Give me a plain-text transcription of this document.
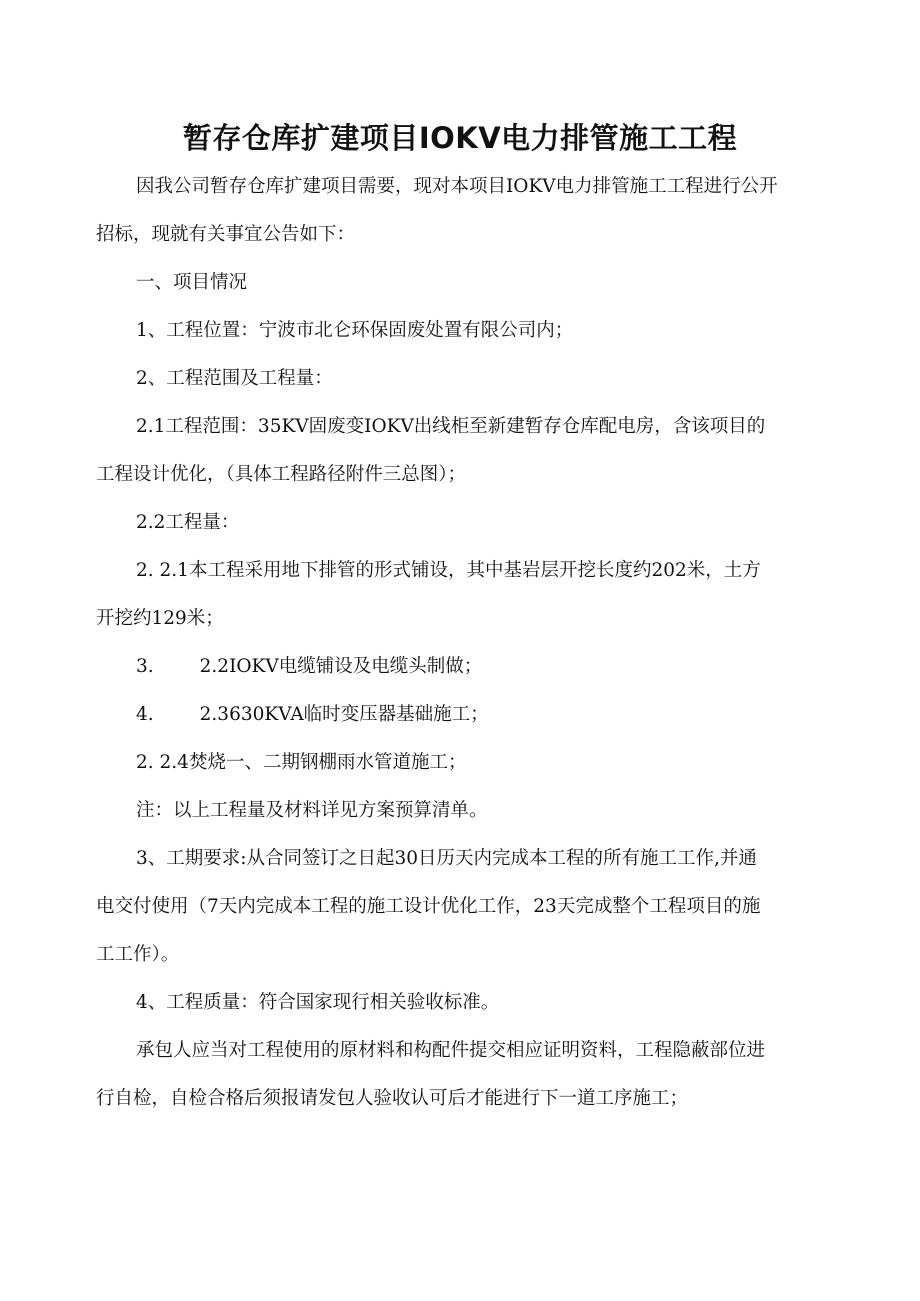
暂存仓库扩建项目IOKV电力排管施工工程
因我公司暂存仓库扩建项目需要，现对本项目IOKV电力排管施工工程进行公开
招标，现就有关事宜公告如下：
一、项目情况
1、工程位置：宁波市北仑环保固废处置有限公司内；
2、工程范围及工程量：
2.1工程范围：35KV固废变IOKV出线柜至新建暂存仓库配电房，含该项目的
工程设计优化，（具体工程路径附件三总图）；
2.2工程量：
2. 2.1本工程采用地下排管的形式铺设，其中基岩层开挖长度约202米，土方
开挖约129米；
3. 2.2IOKV电缆铺设及电缆头制做；
4. 2.3630KVA临时变压器基础施工；
2. 2.4焚烧一、二期钢棚雨水管道施工；
注：以上工程量及材料详见方案预算清单。
3、工期要求:从合同签订之日起30日历天内完成本工程的所有施工工作,并通
电交付使用（7天内完成本工程的施工设计优化工作，23天完成整个工程项目的施
工工作）。
4、工程质量：符合国家现行相关验收标准。
承包人应当对工程使用的原材料和构配件提交相应证明资料，工程隐蔽部位进
行自检，自检合格后须报请发包人验收认可后才能进行下一道工序施工；
